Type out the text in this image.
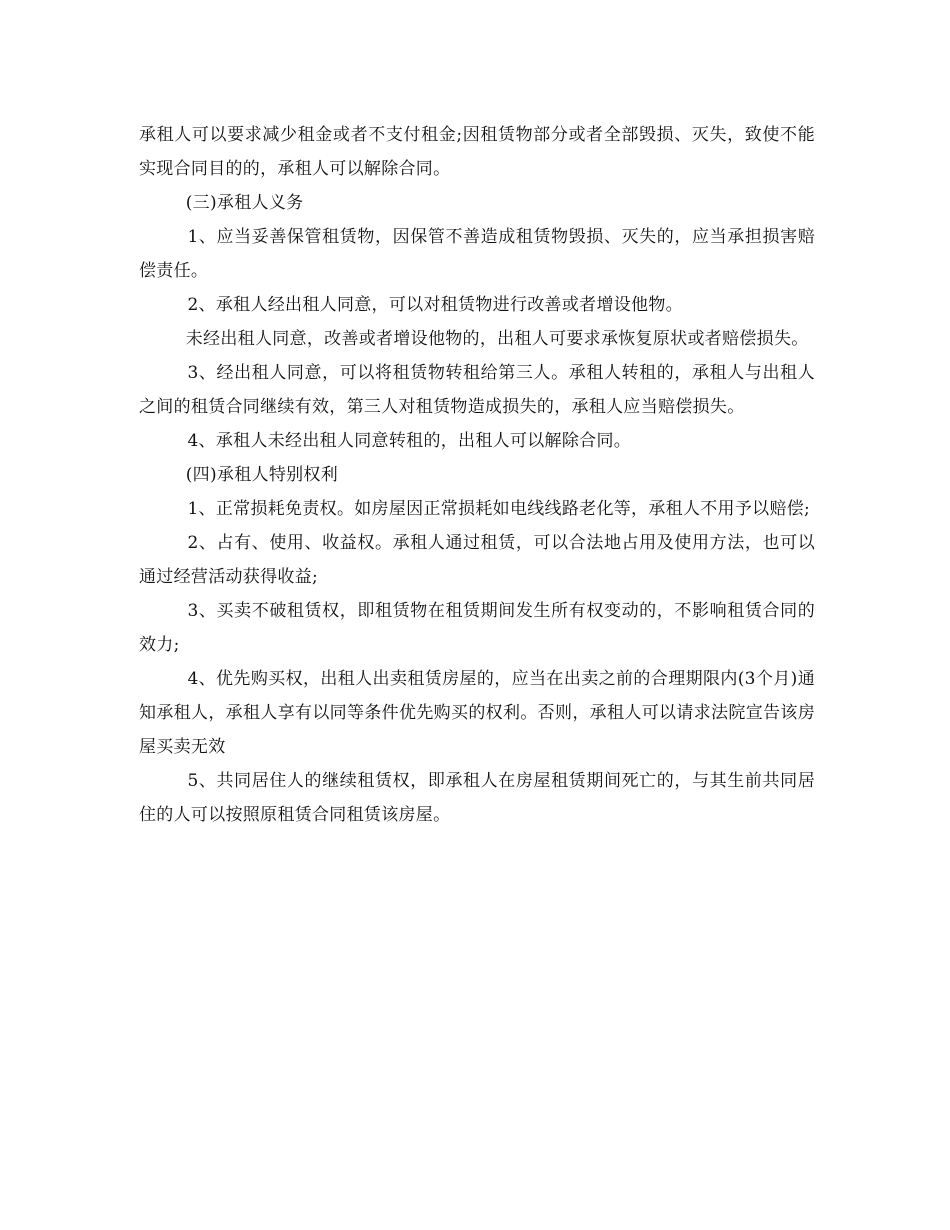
承租人可以要求减少租金或者不支付租金;因租赁物部分或者全部毁损、灭失，致使不能实现合同目的的，承租人可以解除合同。

(三)承租人义务

1、应当妥善保管租赁物，因保管不善造成租赁物毁损、灭失的，应当承担损害赔偿责任。

2、承租人经出租人同意，可以对租赁物进行改善或者增设他物。

未经出租人同意，改善或者增设他物的，出租人可要求承恢复原状或者赔偿损失。

3、经出租人同意，可以将租赁物转租给第三人。承租人转租的，承租人与出租人之间的租赁合同继续有效，第三人对租赁物造成损失的，承租人应当赔偿损失。

4、承租人未经出租人同意转租的，出租人可以解除合同。

(四)承租人特别权利

1、正常损耗免责权。如房屋因正常损耗如电线线路老化等，承租人不用予以赔偿;

2、占有、使用、收益权。承租人通过租赁，可以合法地占用及使用方法，也可以通过经营活动获得收益;

3、买卖不破租赁权，即租赁物在租赁期间发生所有权变动的，不影响租赁合同的效力;

4、优先购买权，出租人出卖租赁房屋的，应当在出卖之前的合理期限内(3个月)通知承租人，承租人享有以同等条件优先购买的权利。否则，承租人可以请求法院宣告该房屋买卖无效

5、共同居住人的继续租赁权，即承租人在房屋租赁期间死亡的，与其生前共同居住的人可以按照原租赁合同租赁该房屋。
